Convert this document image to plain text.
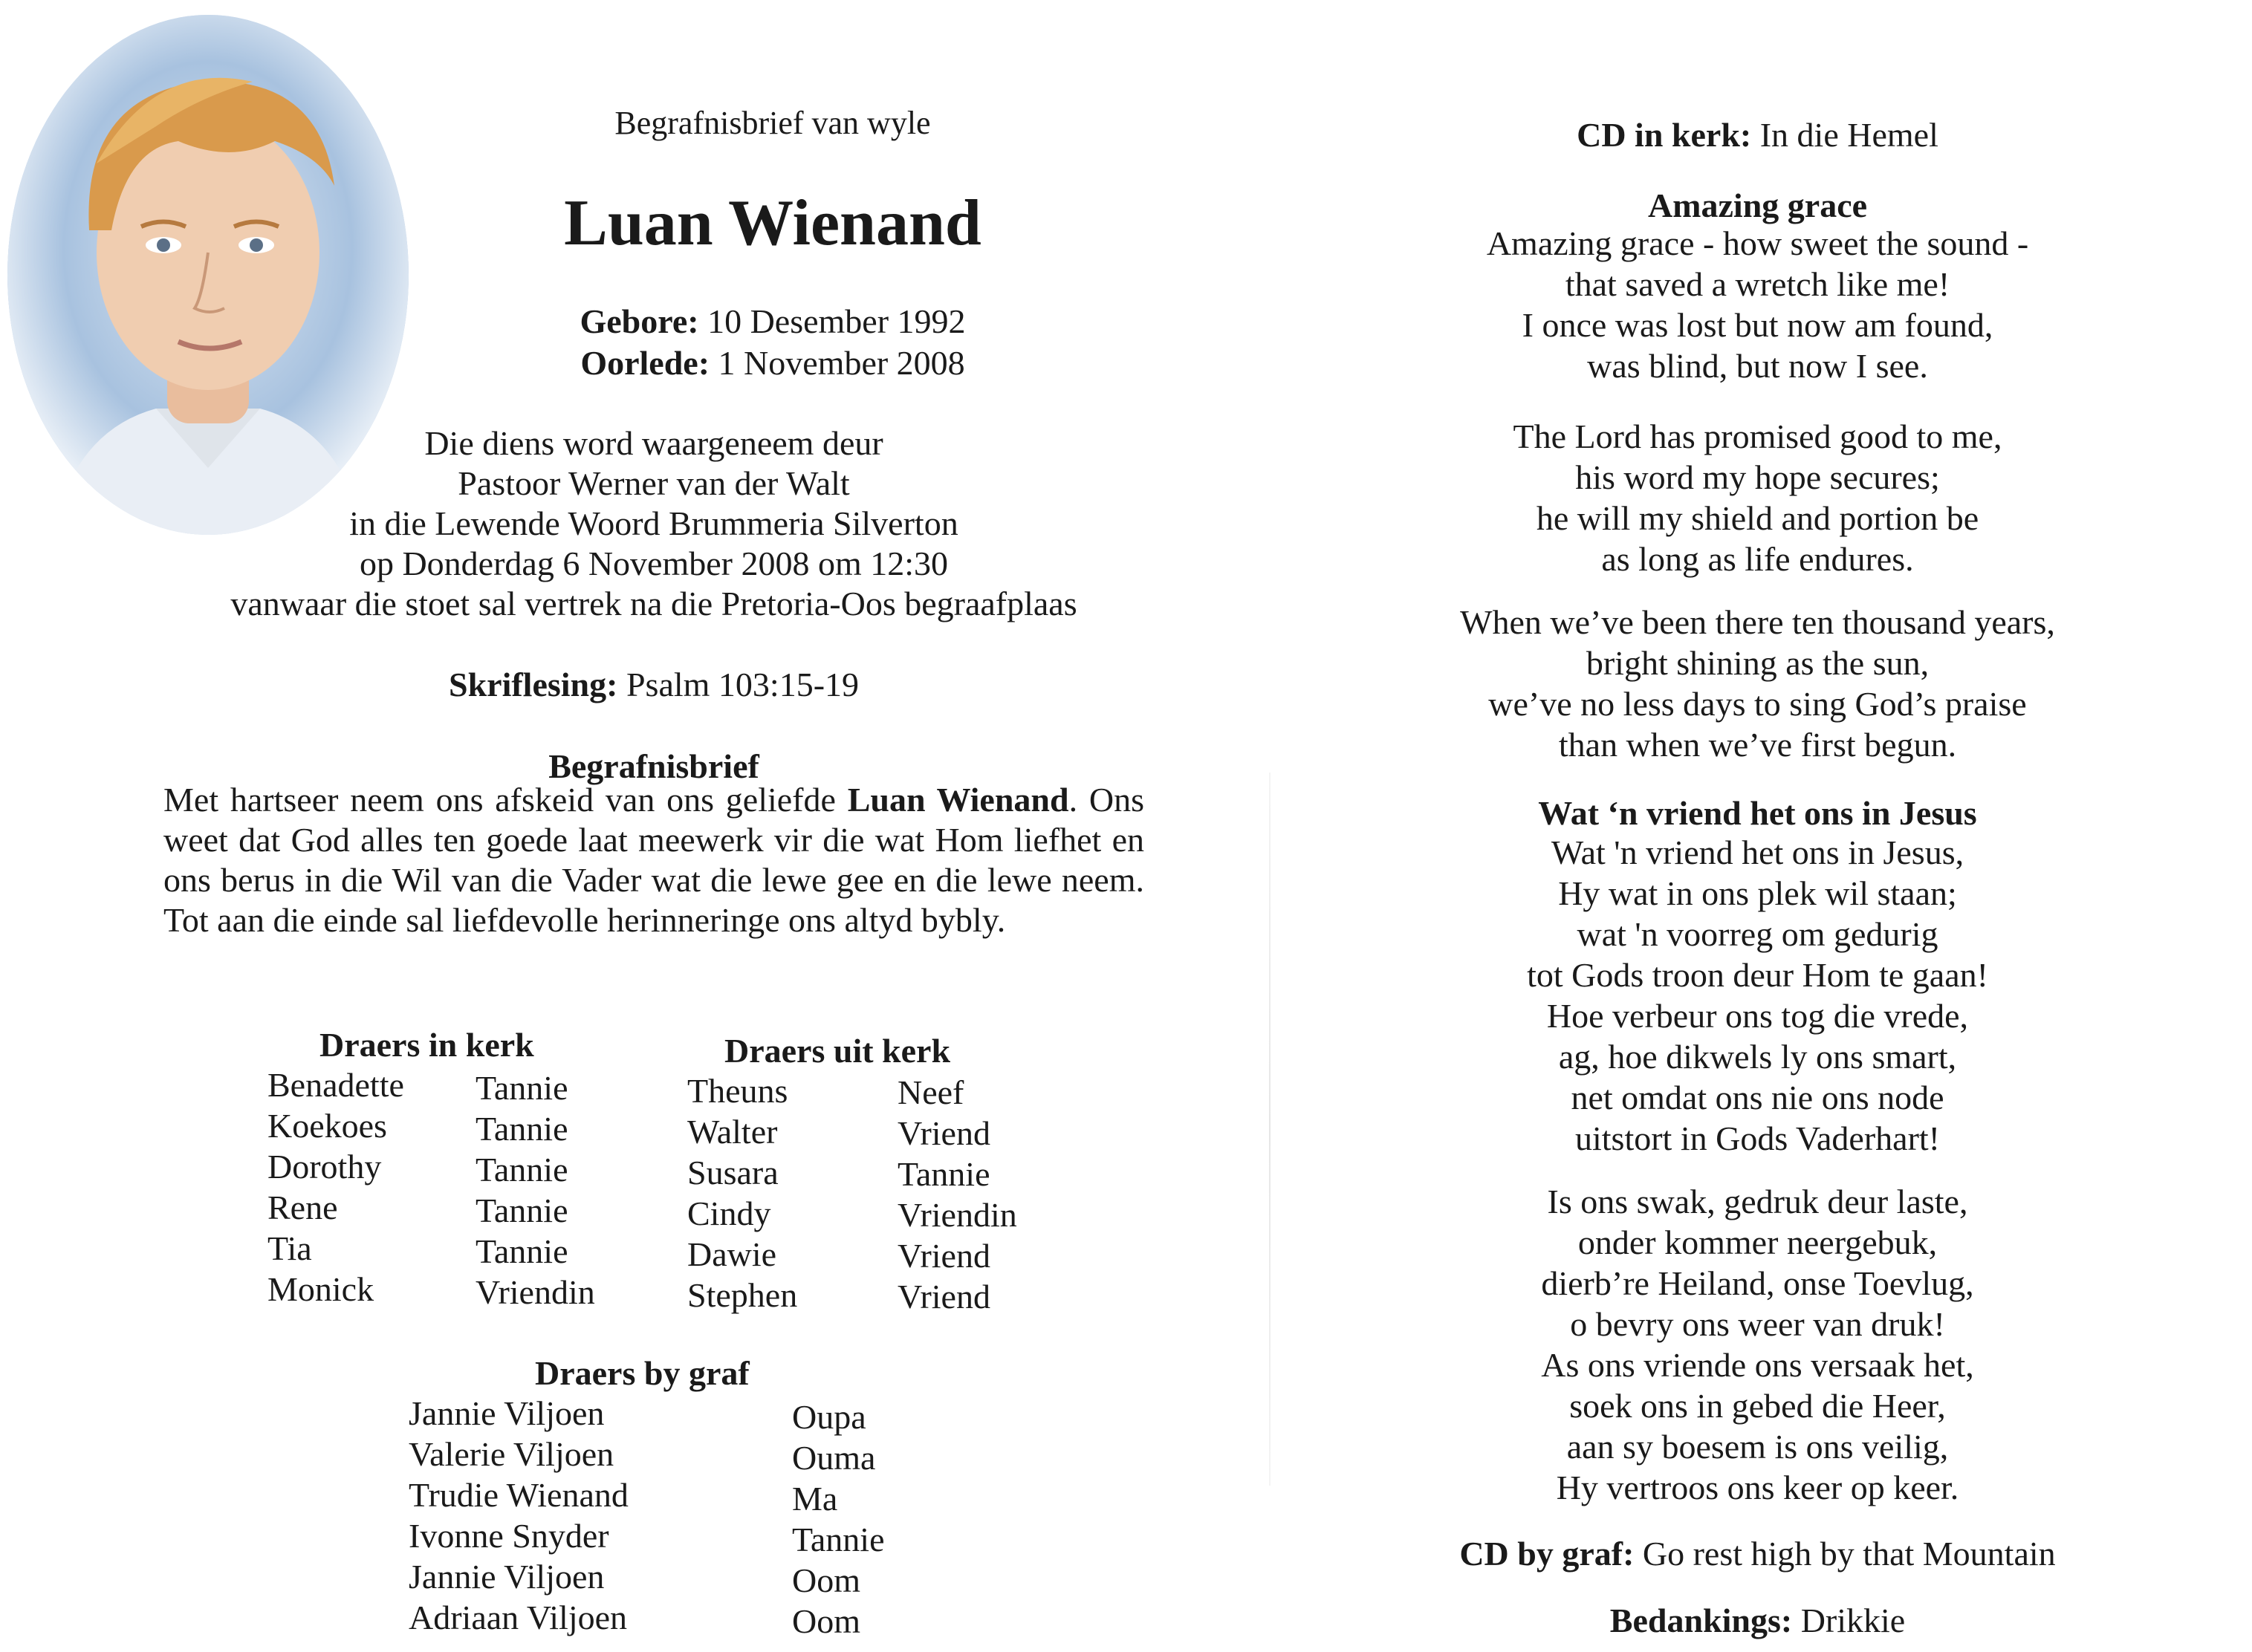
Begrafnisbrief van wyle
Luan Wienand
Gebore: 10 Desember 1992
Oorlede: 1 November 2008
Die diens word waargeneem deur
Pastoor Werner van der Walt
in die Lewende Woord Brummeria Silverton
op Donderdag 6 November 2008 om 12:30
vanwaar die stoet sal vertrek na die Pretoria-Oos begraafplaas
Skriflesing: Psalm 103:15-19
Begrafnisbrief
Met hartseer neem ons afskeid van ons geliefde Luan Wienand. Ons weet dat God alles ten goede laat meewerk vir die wat Hom liefhet en ons berus in die Wil van die Vader wat die lewe gee en die lewe neem. Tot aan die einde sal liefdevolle herinneringe ons altyd bybly.
Draers in kerk
Benadette
Koekoes
Dorothy
Rene
Tia
Monick
Tannie
Tannie
Tannie
Tannie
Tannie
Vriendin
Draers uit kerk
Theuns
Walter
Susara
Cindy
Dawie
Stephen
Neef
Vriend
Tannie
Vriendin
Vriend
Vriend
Draers by graf
Jannie Viljoen
Valerie Viljoen
Trudie Wienand
Ivonne Snyder
Jannie Viljoen
Adriaan Viljoen
Oupa
Ouma
Ma
Tannie
Oom
Oom
CD in kerk: In die Hemel
Amazing grace
Amazing grace - how sweet the sound -
that saved a wretch like me!
I once was lost but now am found,
was blind, but now I see.
The Lord has promised good to me,
his word my hope secures;
he will my shield and portion be
as long as life endures.
When we’ve been there ten thousand years,
bright shining as the sun,
we’ve no less days to sing God’s praise
than when we’ve first begun.
Wat ‘n vriend het ons in Jesus
Wat 'n vriend het ons in Jesus,
Hy wat in ons plek wil staan;
wat 'n voorreg om gedurig
tot Gods troon deur Hom te gaan!
Hoe verbeur ons tog die vrede,
ag, hoe dikwels ly ons smart,
net omdat ons nie ons node
uitstort in Gods Vaderhart!
Is ons swak, gedruk deur laste,
onder kommer neergebuk,
dierb’re Heiland, onse Toevlug,
o bevry ons weer van druk!
As ons vriende ons versaak het,
soek ons in gebed die Heer,
aan sy boesem is ons veilig,
Hy vertroos ons keer op keer.
CD by graf: Go rest high by that Mountain
Bedankings: Drikkie
